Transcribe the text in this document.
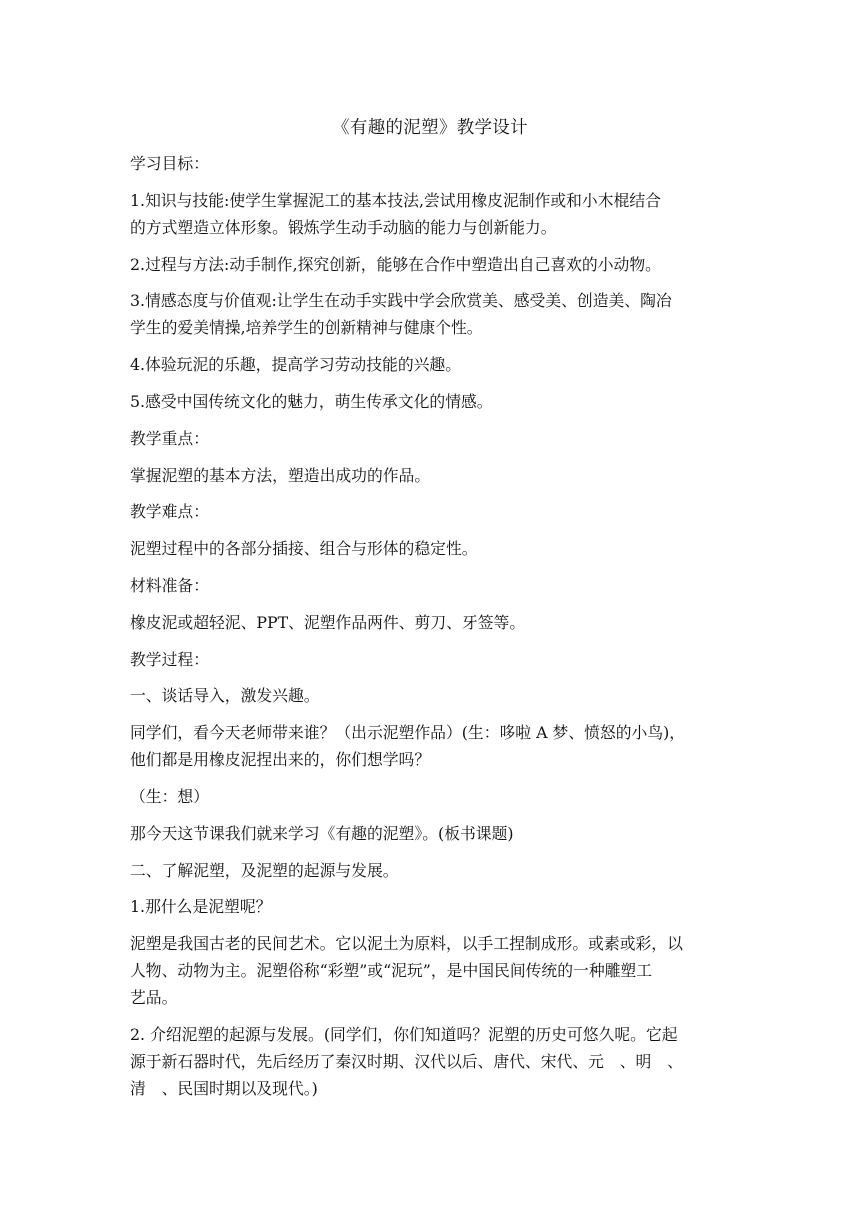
《有趣的泥塑》教学设计
学习目标：
1.知识与技能:使学生掌握泥工的基本技法,尝试用橡皮泥制作或和小木棍结合
的方式塑造立体形象。锻炼学生动手动脑的能力与创新能力。
2.过程与方法:动手制作,探究创新，能够在合作中塑造出自己喜欢的小动物。
3.情感态度与价值观:让学生在动手实践中学会欣赏美、感受美、创造美、陶冶
学生的爱美情操,培养学生的创新精神与健康个性。
4.体验玩泥的乐趣，提高学习劳动技能的兴趣。
5.感受中国传统文化的魅力，萌生传承文化的情感。
教学重点：
掌握泥塑的基本方法，塑造出成功的作品。
教学难点：
泥塑过程中的各部分插接、组合与形体的稳定性。
材料准备：
橡皮泥或超轻泥、PPT、泥塑作品两件、剪刀、牙签等。
教学过程：
一、谈话导入，激发兴趣。
同学们，看今天老师带来谁？（出示泥塑作品）(生：哆啦 A 梦、愤怒的小鸟)，
他们都是用橡皮泥捏出来的，你们想学吗？
（生：想）
那今天这节课我们就来学习《有趣的泥塑》。(板书课题)
二、了解泥塑，及泥塑的起源与发展。
1.那什么是泥塑呢？
泥塑是我国古老的民间艺术。它以泥土为原料，以手工捏制成形。或素或彩，以
人物、动物为主。泥塑俗称“彩塑”或“泥玩”，是中国民间传统的一种雕塑工
艺品。
2. 介绍泥塑的起源与发展。(同学们，你们知道吗？泥塑的历史可悠久呢。它起
源于新石器时代，先后经历了秦汉时期、汉代以后、唐代、宋代、元　、明　、
清　、民国时期以及现代。)
